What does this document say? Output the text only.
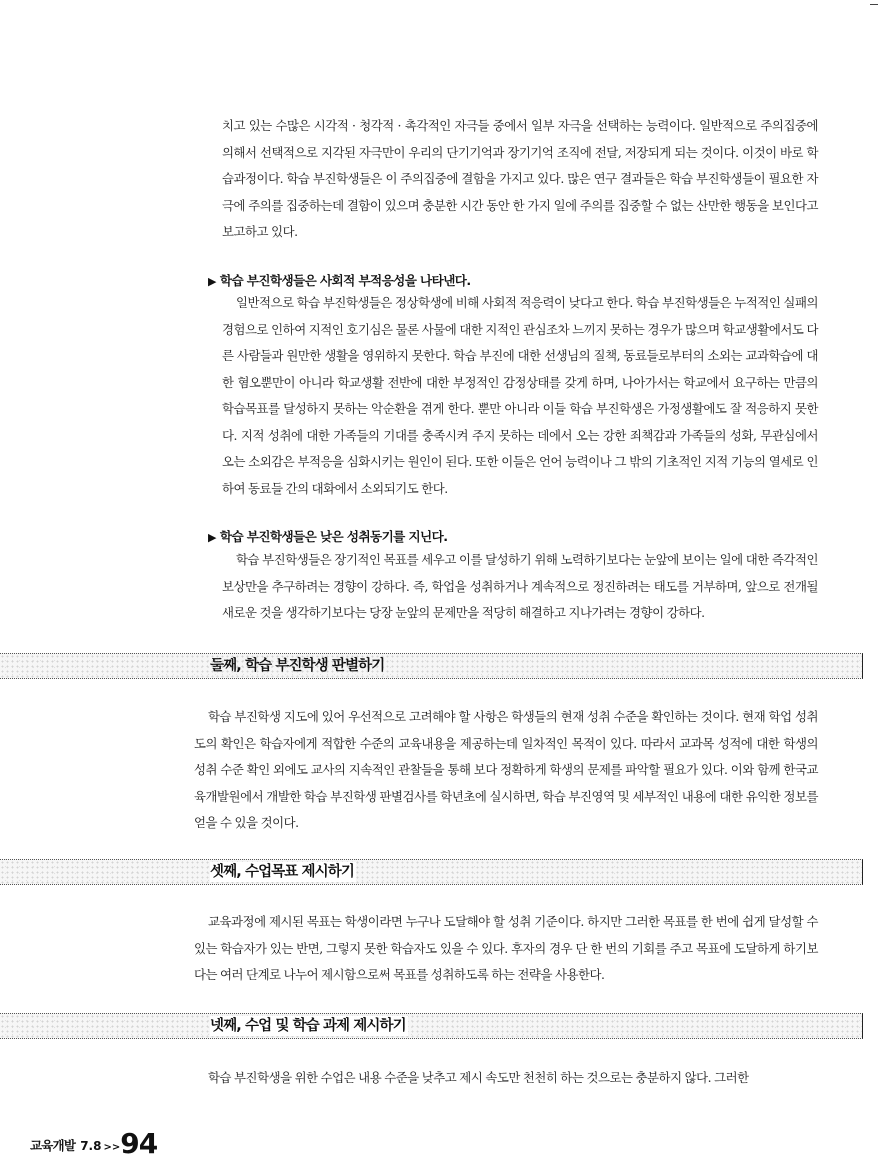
치고 있는 수많은 시각적 · 청각적 · 촉각적인 자극들 중에서 일부 자극을 선택하는 능력이다. 일반적으로 주의집중에 의해서 선택적으로 지각된 자극만이 우리의 단기기억과 장기기억 조직에 전달, 저장되게 되는 것이다. 이것이 바로 학습과정이다. 학습 부진학생들은 이 주의집중에 결함을 가지고 있다. 많은 연구 결과들은 학습 부진학생들이 필요한 자극에 주의를 집중하는데 결함이 있으며 충분한 시간 동안 한 가지 일에 주의를 집중할 수 없는 산만한 행동을 보인다고 보고하고 있다.

▶ 학습 부진학생들은 사회적 부적응성을 나타낸다.

일반적으로 학습 부진학생들은 정상학생에 비해 사회적 적응력이 낮다고 한다. 학습 부진학생들은 누적적인 실패의 경험으로 인하여 지적인 호기심은 물론 사물에 대한 지적인 관심조차 느끼지 못하는 경우가 많으며 학교생활에서도 다른 사람들과 원만한 생활을 영위하지 못한다. 학습 부진에 대한 선생님의 질책, 동료들로부터의 소외는 교과학습에 대한 혐오뿐만이 아니라 학교생활 전반에 대한 부정적인 감정상태를 갖게 하며, 나아가서는 학교에서 요구하는 만큼의 학습목표를 달성하지 못하는 악순환을 겪게 한다. 뿐만 아니라 이들 학습 부진학생은 가정생활에도 잘 적응하지 못한다. 지적 성취에 대한 가족들의 기대를 충족시켜 주지 못하는 데에서 오는 강한 죄책감과 가족들의 성화, 무관심에서 오는 소외감은 부적응을 심화시키는 원인이 된다. 또한 이들은 언어 능력이나 그 밖의 기초적인 지적 기능의 열세로 인하여 동료들 간의 대화에서 소외되기도 한다.

▶ 학습 부진학생들은 낮은 성취동기를 지닌다.

학습 부진학생들은 장기적인 목표를 세우고 이를 달성하기 위해 노력하기보다는 눈앞에 보이는 일에 대한 즉각적인 보상만을 추구하려는 경향이 강하다. 즉, 학업을 성취하거나 계속적으로 정진하려는 태도를 거부하며, 앞으로 전개될 새로운 것을 생각하기보다는 당장 눈앞의 문제만을 적당히 해결하고 지나가려는 경향이 강하다.

둘째, 학습 부진학생 판별하기

학습 부진학생 지도에 있어 우선적으로 고려해야 할 사항은 학생들의 현재 성취 수준을 확인하는 것이다. 현재 학업 성취도의 확인은 학습자에게 적합한 수준의 교육내용을 제공하는데 일차적인 목적이 있다. 따라서 교과목 성적에 대한 학생의 성취 수준 확인 외에도 교사의 지속적인 관찰들을 통해 보다 정확하게 학생의 문제를 파악할 필요가 있다. 이와 함께 한국교육개발원에서 개발한 학습 부진학생 판별검사를 학년초에 실시하면, 학습 부진영역 및 세부적인 내용에 대한 유익한 정보를 얻을 수 있을 것이다.

셋째, 수업목표 제시하기

교육과정에 제시된 목표는 학생이라면 누구나 도달해야 할 성취 기준이다. 하지만 그러한 목표를 한 번에 쉽게 달성할 수 있는 학습자가 있는 반면, 그렇지 못한 학습자도 있을 수 있다. 후자의 경우 단 한 번의 기회를 주고 목표에 도달하게 하기보다는 여러 단계로 나누어 제시함으로써 목표를 성취하도록 하는 전략을 사용한다.

넷째, 수업 및 학습 과제 제시하기

학습 부진학생을 위한 수업은 내용 수준을 낮추고 제시 속도만 천천히 하는 것으로는 충분하지 않다. 그러한

교육개발 7.8 >>94
